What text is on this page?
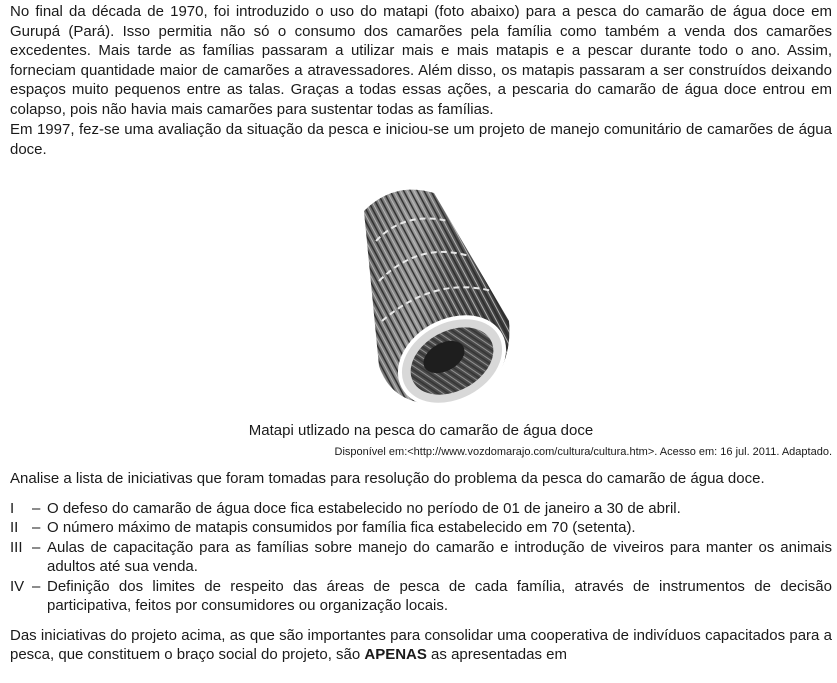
No final da década de 1970, foi introduzido o uso do matapi (foto abaixo) para a pesca do camarão de água doce em Gurupá (Pará). Isso permitia não só o consumo dos camarões pela família como também a venda dos camarões excedentes. Mais tarde as famílias passaram a utilizar mais e mais matapis e a pescar durante todo o ano. Assim, forneciam quantidade maior de camarões a atravessadores. Além disso, os matapis passaram a ser construídos deixando espaços muito pequenos entre as talas. Graças a todas essas ações, a pescaria do camarão de água doce entrou em colapso, pois não havia mais camarões para sustentar todas as famílias.

Em 1997, fez-se uma avaliação da situação da pesca e iniciou-se um projeto de manejo comunitário de camarões de água doce.

Matapi utlizado na pesca do camarão de água doce
Disponível em:<http://www.vozdomarajo.com/cultura/cultura.htm>. Acesso em: 16 jul. 2011. Adaptado.

Analise a lista de iniciativas que foram tomadas para resolução do problema da pesca do camarão de água doce.

I	– O defeso do camarão de água doce fica estabelecido no período de 01 de janeiro a 30 de abril.
II – O número máximo de matapis consumidos por família fica estabelecido em 70 (setenta).
III – Aulas de capacitação para as famílias sobre manejo do camarão e introdução de viveiros para manter os animais adultos até sua venda.
IV – Definição dos limites de respeito das áreas de pesca de cada família, através de instrumentos de decisão participativa, feitos por consumidores ou organização locais.

Das iniciativas do projeto acima, as que são importantes para consolidar uma cooperativa de indivíduos capacitados para a pesca, que constituem o braço social do projeto, são APENAS as apresentadas em
